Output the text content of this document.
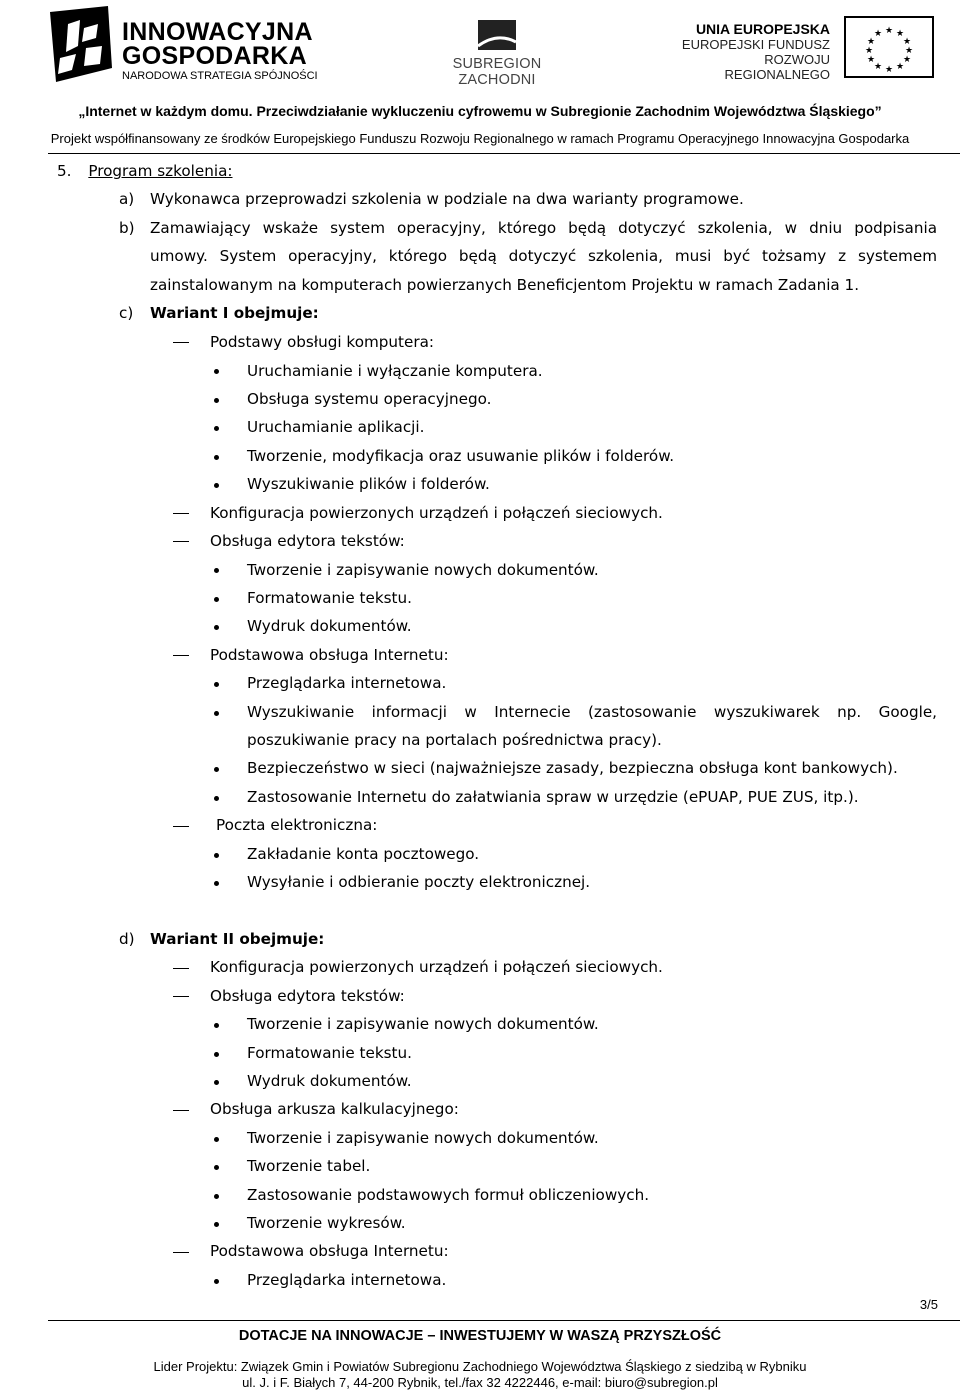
INNOWACYJNA
GOSPODARKA
NARODOWA STRATEGIA SPÓJNOŚCI
SUBREGION ZACHODNI
UNIA EUROPEJSKA
EUROPEJSKI FUNDUSZ
ROZWOJU REGIONALNEGO
★ ★
★
★
★
★
★
★
★
★
★
★
„Internet w każdym domu. Przeciwdziałanie wykluczeniu cyfrowemu w Subregionie Zachodnim Województwa Śląskiego”
Projekt współfinansowany ze środków Europejskiego Funduszu Rozwoju Regionalnego w ramach Programu Operacyjnego Innowacyjna Gospodarka
5. Program szkolenia:
a) Wykonawca przeprowadzi szkolenia w podziale na dwa warianty programowe.
b) Zamawiający wskaże system operacyjny, którego będą dotyczyć szkolenia, w dniu podpisania
umowy. System operacyjny, którego będą dotyczyć szkolenia, musi być tożsamy z systemem
zainstalowanym na komputerach powierzanych Beneficjentom Projektu w ramach Zadania 1.
c) Wariant I obejmuje:
Podstawy obsługi komputera:
Uruchamianie i wyłączanie komputera.
Obsługa systemu operacyjnego.
Uruchamianie aplikacji.
Tworzenie, modyfikacja oraz usuwanie plików i folderów.
Wyszukiwanie plików i folderów.
Konfiguracja powierzonych urządzeń i połączeń sieciowych.
Obsługa edytora tekstów:
Tworzenie i zapisywanie nowych dokumentów.
Formatowanie tekstu.
Wydruk dokumentów.
Podstawowa obsługa Internetu:
Przeglądarka internetowa.
Wyszukiwanie informacji w Internecie (zastosowanie wyszukiwarek np. Google,
poszukiwanie pracy na portalach pośrednictwa pracy).
Bezpieczeństwo w sieci (najważniejsze zasady, bezpieczna obsługa kont bankowych).
Zastosowanie Internetu do załatwiania spraw w urzędzie (ePUAP, PUE ZUS, itp.).
Poczta elektroniczna:
Zakładanie konta pocztowego.
Wysyłanie i odbieranie poczty elektronicznej.
d) Wariant II obejmuje:
Konfiguracja powierzonych urządzeń i połączeń sieciowych.
Obsługa edytora tekstów:
Tworzenie i zapisywanie nowych dokumentów.
Formatowanie tekstu.
Wydruk dokumentów.
Obsługa arkusza kalkulacyjnego:
Tworzenie i zapisywanie nowych dokumentów.
Tworzenie tabel.
Zastosowanie podstawowych formuł obliczeniowych.
Tworzenie wykresów.
Podstawowa obsługa Internetu:
Przeglądarka internetowa.
3/5
DOTACJE NA INNOWACJE – INWESTUJEMY W WASZĄ PRZYSZŁOŚĆ
Lider Projektu: Związek Gmin i Powiatów Subregionu Zachodniego Województwa Śląskiego z siedzibą w Rybniku
ul. J. i F. Białych 7, 44-200 Rybnik, tel./fax 32 4222446, e-mail: biuro@subregion.pl
